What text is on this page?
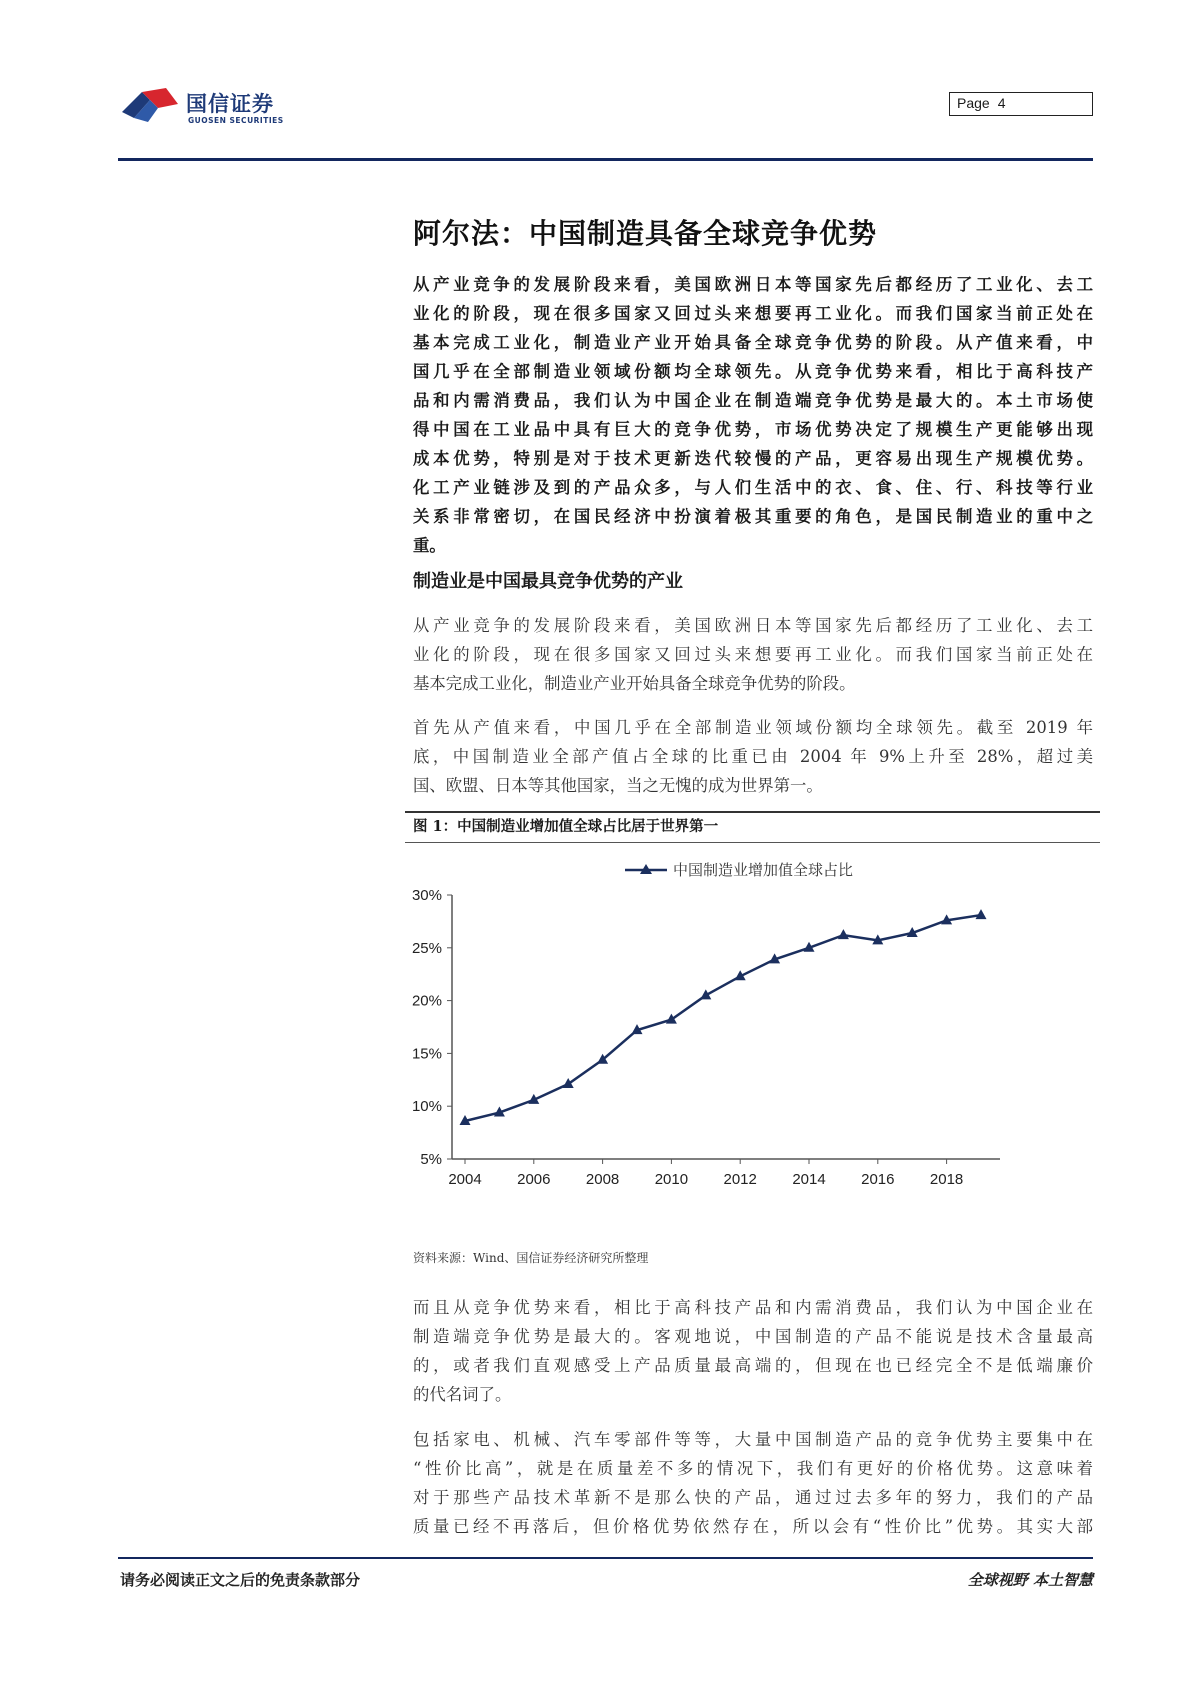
国信证券
GUOSEN SECURITIES
Page 4
阿尔法：中国制造具备全球竞争优势
从产业竞争的发展阶段来看，美国欧洲日本等国家先后都经历了工业化、去工
业化的阶段，现在很多国家又回过头来想要再工业化。而我们国家当前正处在
基本完成工业化，制造业产业开始具备全球竞争优势的阶段。从产值来看，中
国几乎在全部制造业领域份额均全球领先。从竞争优势来看，相比于高科技产
品和内需消费品，我们认为中国企业在制造端竞争优势是最大的。本土市场使
得中国在工业品中具有巨大的竞争优势，市场优势决定了规模生产更能够出现
成本优势，特别是对于技术更新迭代较慢的产品，更容易出现生产规模优势。
化工产业链涉及到的产品众多，与人们生活中的衣、食、住、行、科技等行业
关系非常密切，在国民经济中扮演着极其重要的角色，是国民制造业的重中之
重。
制造业是中国最具竞争优势的产业
从产业竞争的发展阶段来看，美国欧洲日本等国家先后都经历了工业化、去工
业化的阶段，现在很多国家又回过头来想要再工业化。而我们国家当前正处在
基本完成工业化，制造业产业开始具备全球竞争优势的阶段。
首先从产值来看，中国几乎在全部制造业领域份额均全球领先。截至 2019 年
底，中国制造业全部产值占全球的比重已由 2004 年 9%上升至 28%，超过美
国、欧盟、日本等其他国家，当之无愧的成为世界第一。
图 1：中国制造业增加值全球占比居于世界第一
中国制造业增加值全球占比
5%
10%
15%
20%
25%
30%
2004 2006 2008 2010 2012 2014 2016 2018
资料来源：Wind、国信证券经济研究所整理
而且从竞争优势来看，相比于高科技产品和内需消费品，我们认为中国企业在
制造端竞争优势是最大的。客观地说，中国制造的产品不能说是技术含量最高
的，或者我们直观感受上产品质量最高端的，但现在也已经完全不是低端廉价
的代名词了。
包括家电、机械、汽车零部件等等，大量中国制造产品的竞争优势主要集中在
“性价比高”，就是在质量差不多的情况下，我们有更好的价格优势。这意味着
对于那些产品技术革新不是那么快的产品，通过过去多年的努力，我们的产品
质量已经不再落后，但价格优势依然存在，所以会有“性价比”优势。其实大部
请务必阅读正文之后的免责条款部分	全球视野 本土智慧
